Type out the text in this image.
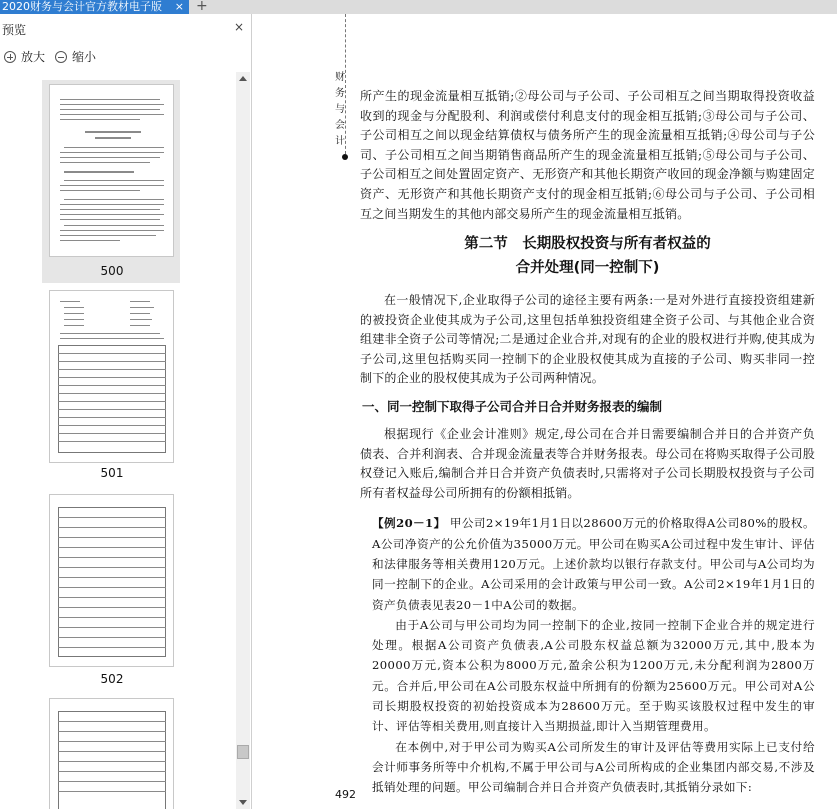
2020财务与会计官方教材电子版 × +
预览	×
放大 缩小
500
501
502
财务与会计

所产生的现金流量相互抵销;②母公司与子公司、子公司相互之间当期取得投资收益收到的现金与分配股利、利润或偿付利息支付的现金相互抵销;③母公司与子公司、子公司相互之间以现金结算债权与债务所产生的现金流量相互抵销;④母公司与子公司、子公司相互之间当期销售商品所产生的现金流量相互抵销;⑤母公司与子公司、子公司相互之间处置固定资产、无形资产和其他长期资产收回的现金净额与购建固定资产、无形资产和其他长期资产支付的现金相互抵销;⑥母公司与子公司、子公司相互之间当期发生的其他内部交易所产生的现金流量相互抵销。

第二节　长期股权投资与所有者权益的
合并处理(同一控制下)

在一般情况下,企业取得子公司的途径主要有两条:一是对外进行直接投资组建新的被投资企业使其成为子公司,这里包括单独投资组建全资子公司、与其他企业合资组建非全资子公司等情况;二是通过企业合并,对现有的企业的股权进行并购,使其成为子公司,这里包括购买同一控制下的企业股权使其成为直接的子公司、购买非同一控制下的企业的股权使其成为子公司两种情况。

一、同一控制下取得子公司合并日合并财务报表的编制

根据现行《企业会计准则》规定,母公司在合并日需要编制合并日的合并资产负债表、合并利润表、合并现金流量表等合并财务报表。母公司在将购买取得子公司股权登记入账后,编制合并日合并资产负债表时,只需将对子公司长期股权投资与子公司所有者权益母公司所拥有的份额相抵销。

【例20－1】 甲公司2×19年1月1日以28600万元的价格取得A公司80%的股权。A公司净资产的公允价值为35000万元。甲公司在购买A公司过程中发生审计、评估和法律服务等相关费用120万元。上述价款均以银行存款支付。甲公司与A公司均为同一控制下的企业。A公司采用的会计政策与甲公司一致。A公司2×19年1月1日的资产负债表见表20－1中A公司的数据。

由于A公司与甲公司均为同一控制下的企业,按同一控制下企业合并的规定进行处理。根据A公司资产负债表,A公司股东权益总额为32000万元,其中,股本为20000万元,资本公积为8000万元,盈余公积为1200万元,未分配利润为2800万元。合并后,甲公司在A公司股东权益中所拥有的份额为25600万元。甲公司对A公司长期股权投资的初始投资成本为28600万元。至于购买该股权过程中发生的审计、评估等相关费用,则直接计入当期损益,即计入当期管理费用。

在本例中,对于甲公司为购买A公司所发生的审计及评估等费用实际上已支付给会计师事务所等中介机构,不属于甲公司与A公司所构成的企业集团内部交易,不涉及抵销处理的问题。甲公司编制合并日合并资产负债表时,其抵销分录如下:

492
